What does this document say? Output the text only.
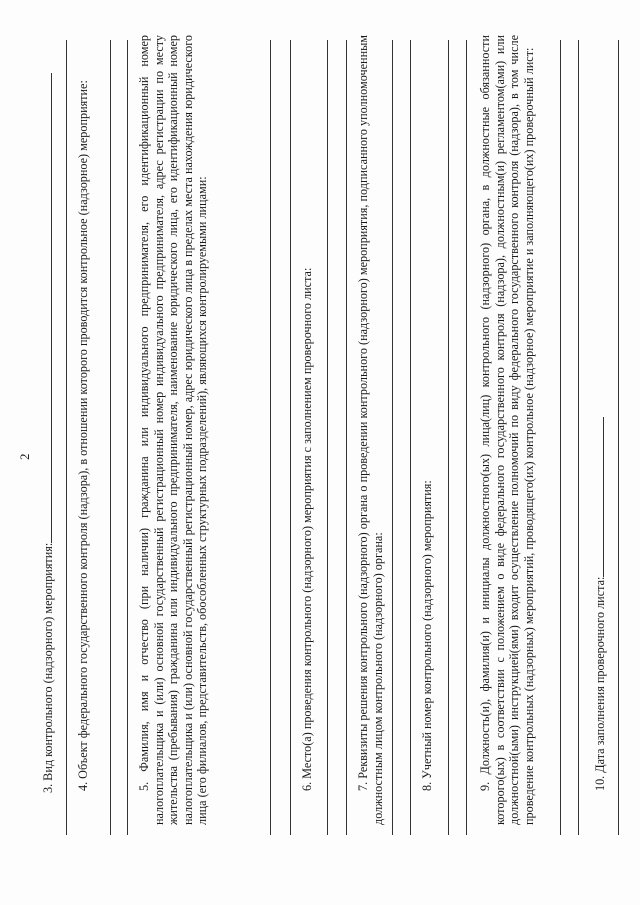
2

3. Вид контрольного (надзорного) мероприятия: 4. Объект федерального государственного контроля (надзора), в отношении которого проводится контрольное (надзорное) мероприятие:	5. Фамилия, имя и отчество (при наличии) гражданина или индивидуального предпринимателя, его идентификационный номер налогоплательщика и (или) основной государственный регистрационный номер индивидуального предпринимателя, адрес регистрации по месту жительства (пребывания) гражданина или индивидуального предпринимателя, наименование юридического лица, его идентификационный номер налогоплательщика и (или) основной государственный регистрационный номер, адрес юридического лица в пределах места нахождения юридического лица (его филиалов, представительств, обособленных структурных подразделений), являющихся контролируемыми лицами:	6. Место(а) проведения контрольного (надзорного) мероприятия с заполнением проверочного листа:	7. Реквизиты решения контрольного (надзорного) органа о проведении контрольного (надзорного) мероприятия, подписанного уполномоченным должностным лицом контрольного (надзорного) органа:	8. Учетный номер контрольного (надзорного) мероприятия:	9. Должность(и), фамилия(и) и инициалы должностного(ых) лица(лиц) контрольного (надзорного) органа, в должностные обязанности которого(ых) в соответствии с положением о виде федерального государственного контроля (надзора), должностным(и) регламентом(ами) или должностной(ыми) инструкцией(ями) входит осуществление полномочий по виду федерального государственного контроля (надзора), в том числе проведение контрольных (надзорных) мероприятий, проводящего(их) контрольное (надзорное) мероприятие и заполняющего(их) проверочный лист:	10. Дата заполнения проверочного листа:
